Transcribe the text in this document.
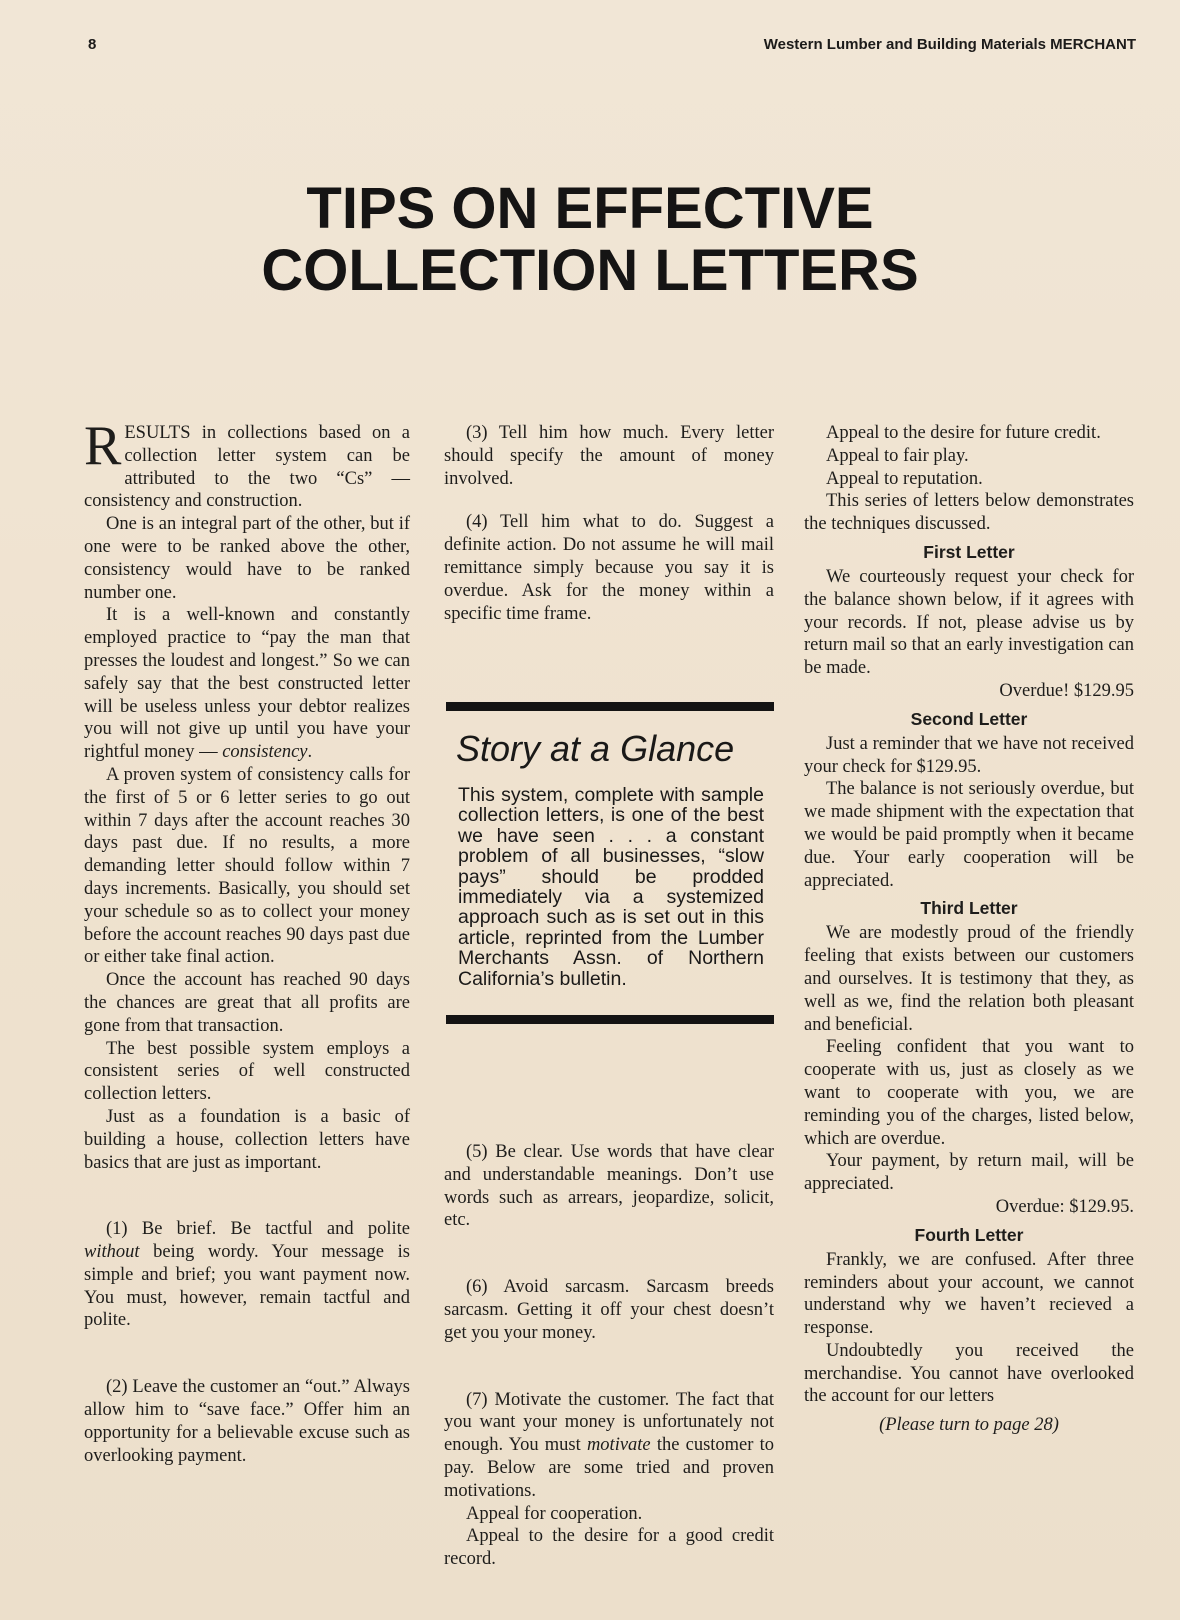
8	Western Lumber and Building Materials MERCHANT
TIPS ON EFFECTIVE
COLLECTION LETTERS

RESULTS in collections based on a collection letter system can be attributed to the two “Cs” — consistency and construction.

One is an integral part of the other, but if one were to be ranked above the other, consistency would have to be ranked number one.

It is a well-known and constantly employed practice to “pay the man that presses the loudest and longest.” So we can safely say that the best constructed letter will be useless unless your debtor realizes you will not give up until you have your rightful money — consistency.

A proven system of consistency calls for the first of 5 or 6 letter series to go out within 7 days after the account reaches 30 days past due. If no results, a more demanding letter should follow within 7 days increments. Basically, you should set your schedule so as to collect your money before the account reaches 90 days past due or either take final action.

Once the account has reached 90 days the chances are great that all profits are gone from that transaction.

The best possible system employs a consistent series of well constructed collection letters.

Just as a foundation is a basic of building a house, collection letters have basics that are just as important.

(1) Be brief. Be tactful and polite without being wordy. Your message is simple and brief; you want payment now. You must, however, remain tactful and polite.

(2) Leave the customer an “out.” Always allow him to “save face.” Offer him an opportunity for a believable excuse such as overlooking payment.

(3) Tell him how much. Every letter should specify the amount of money involved.

(4) Tell him what to do. Suggest a definite action. Do not assume he will mail remittance simply because you say it is overdue. Ask for the money within a specific time frame.

Story at a Glance

This system, complete with sample collection letters, is one of the best we have seen . . . a constant problem of all businesses, “slow pays” should be prodded immediately via a systemized approach such as is set out in this article, reprinted from the Lumber Merchants Assn. of Northern California’s bulletin.

(5) Be clear. Use words that have clear and understandable meanings. Don’t use words such as arrears, jeopardize, solicit, etc.

(6) Avoid sarcasm. Sarcasm breeds sarcasm. Getting it off your chest doesn’t get you your money.

(7) Motivate the customer. The fact that you want your money is unfortunately not enough. You must motivate the customer to pay. Below are some tried and proven motivations.

Appeal for cooperation.

Appeal to the desire for a good credit record.

Appeal to the desire for future credit.

Appeal to fair play.

Appeal to reputation.

This series of letters below demonstrates the techniques discussed.

First Letter

We courteously request your check for the balance shown below, if it agrees with your records. If not, please advise us by return mail so that an early investigation can be made.

Overdue! $129.95

Second Letter

Just a reminder that we have not received your check for $129.95.

The balance is not seriously overdue, but we made shipment with the expectation that we would be paid promptly when it became due. Your early cooperation will be appreciated.

Third Letter

We are modestly proud of the friendly feeling that exists between our customers and ourselves. It is testimony that they, as well as we, find the relation both pleasant and beneficial.

Feeling confident that you want to cooperate with us, just as closely as we want to cooperate with you, we are reminding you of the charges, listed below, which are overdue.

Your payment, by return mail, will be appreciated.

Overdue: $129.95.

Fourth Letter

Frankly, we are confused. After three reminders about your account, we cannot understand why we haven’t recieved a response.

Undoubtedly you received the merchandise. You cannot have overlooked the account for our letters

(Please turn to page 28)
